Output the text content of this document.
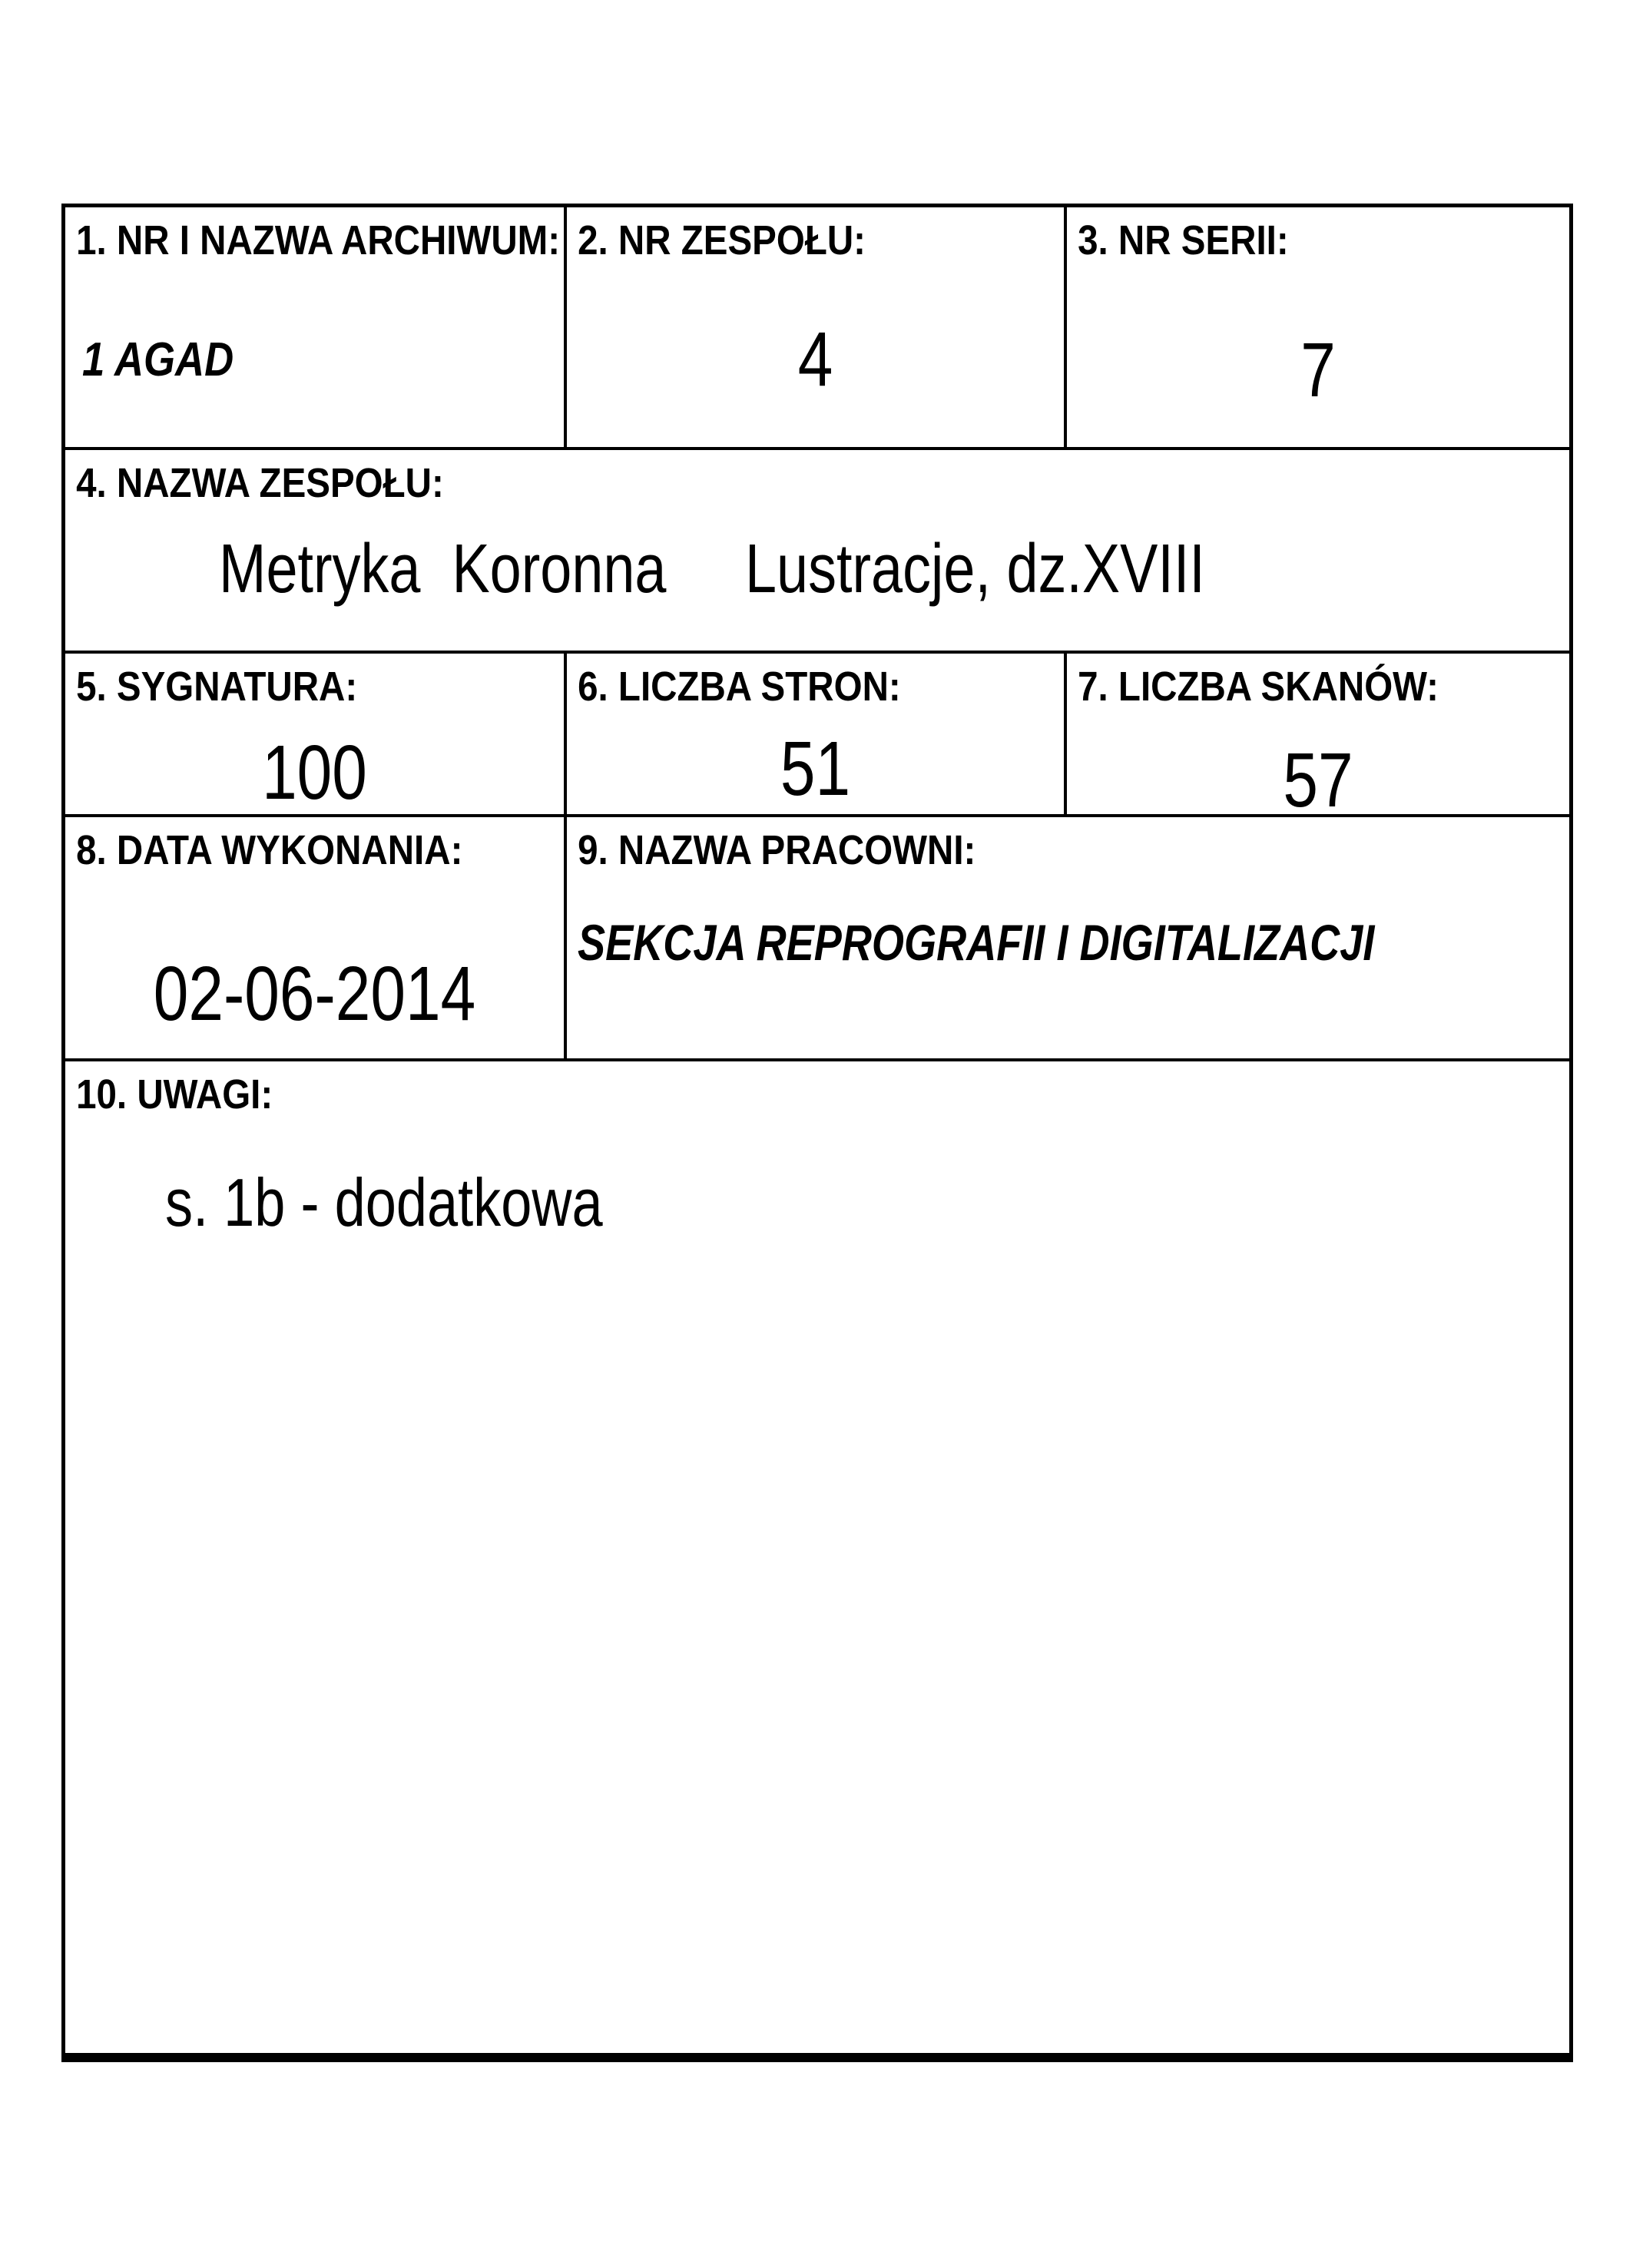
1. NR I NAZWA ARCHIWUM:
1 AGAD
2. NR ZESPOŁU:
4
3. NR SERII:
7
4. NAZWA ZESPOŁU:
Metryka  Koronna     Lustracje, dz.XVIII
5. SYGNATURA:
100
6. LICZBA STRON:
51
7. LICZBA SKANÓW:
57
8. DATA WYKONANIA:
02-06-2014
9. NAZWA PRACOWNI:
SEKCJA REPROGRAFII I DIGITALIZACJI
10. UWAGI:
s. 1b - dodatkowa
